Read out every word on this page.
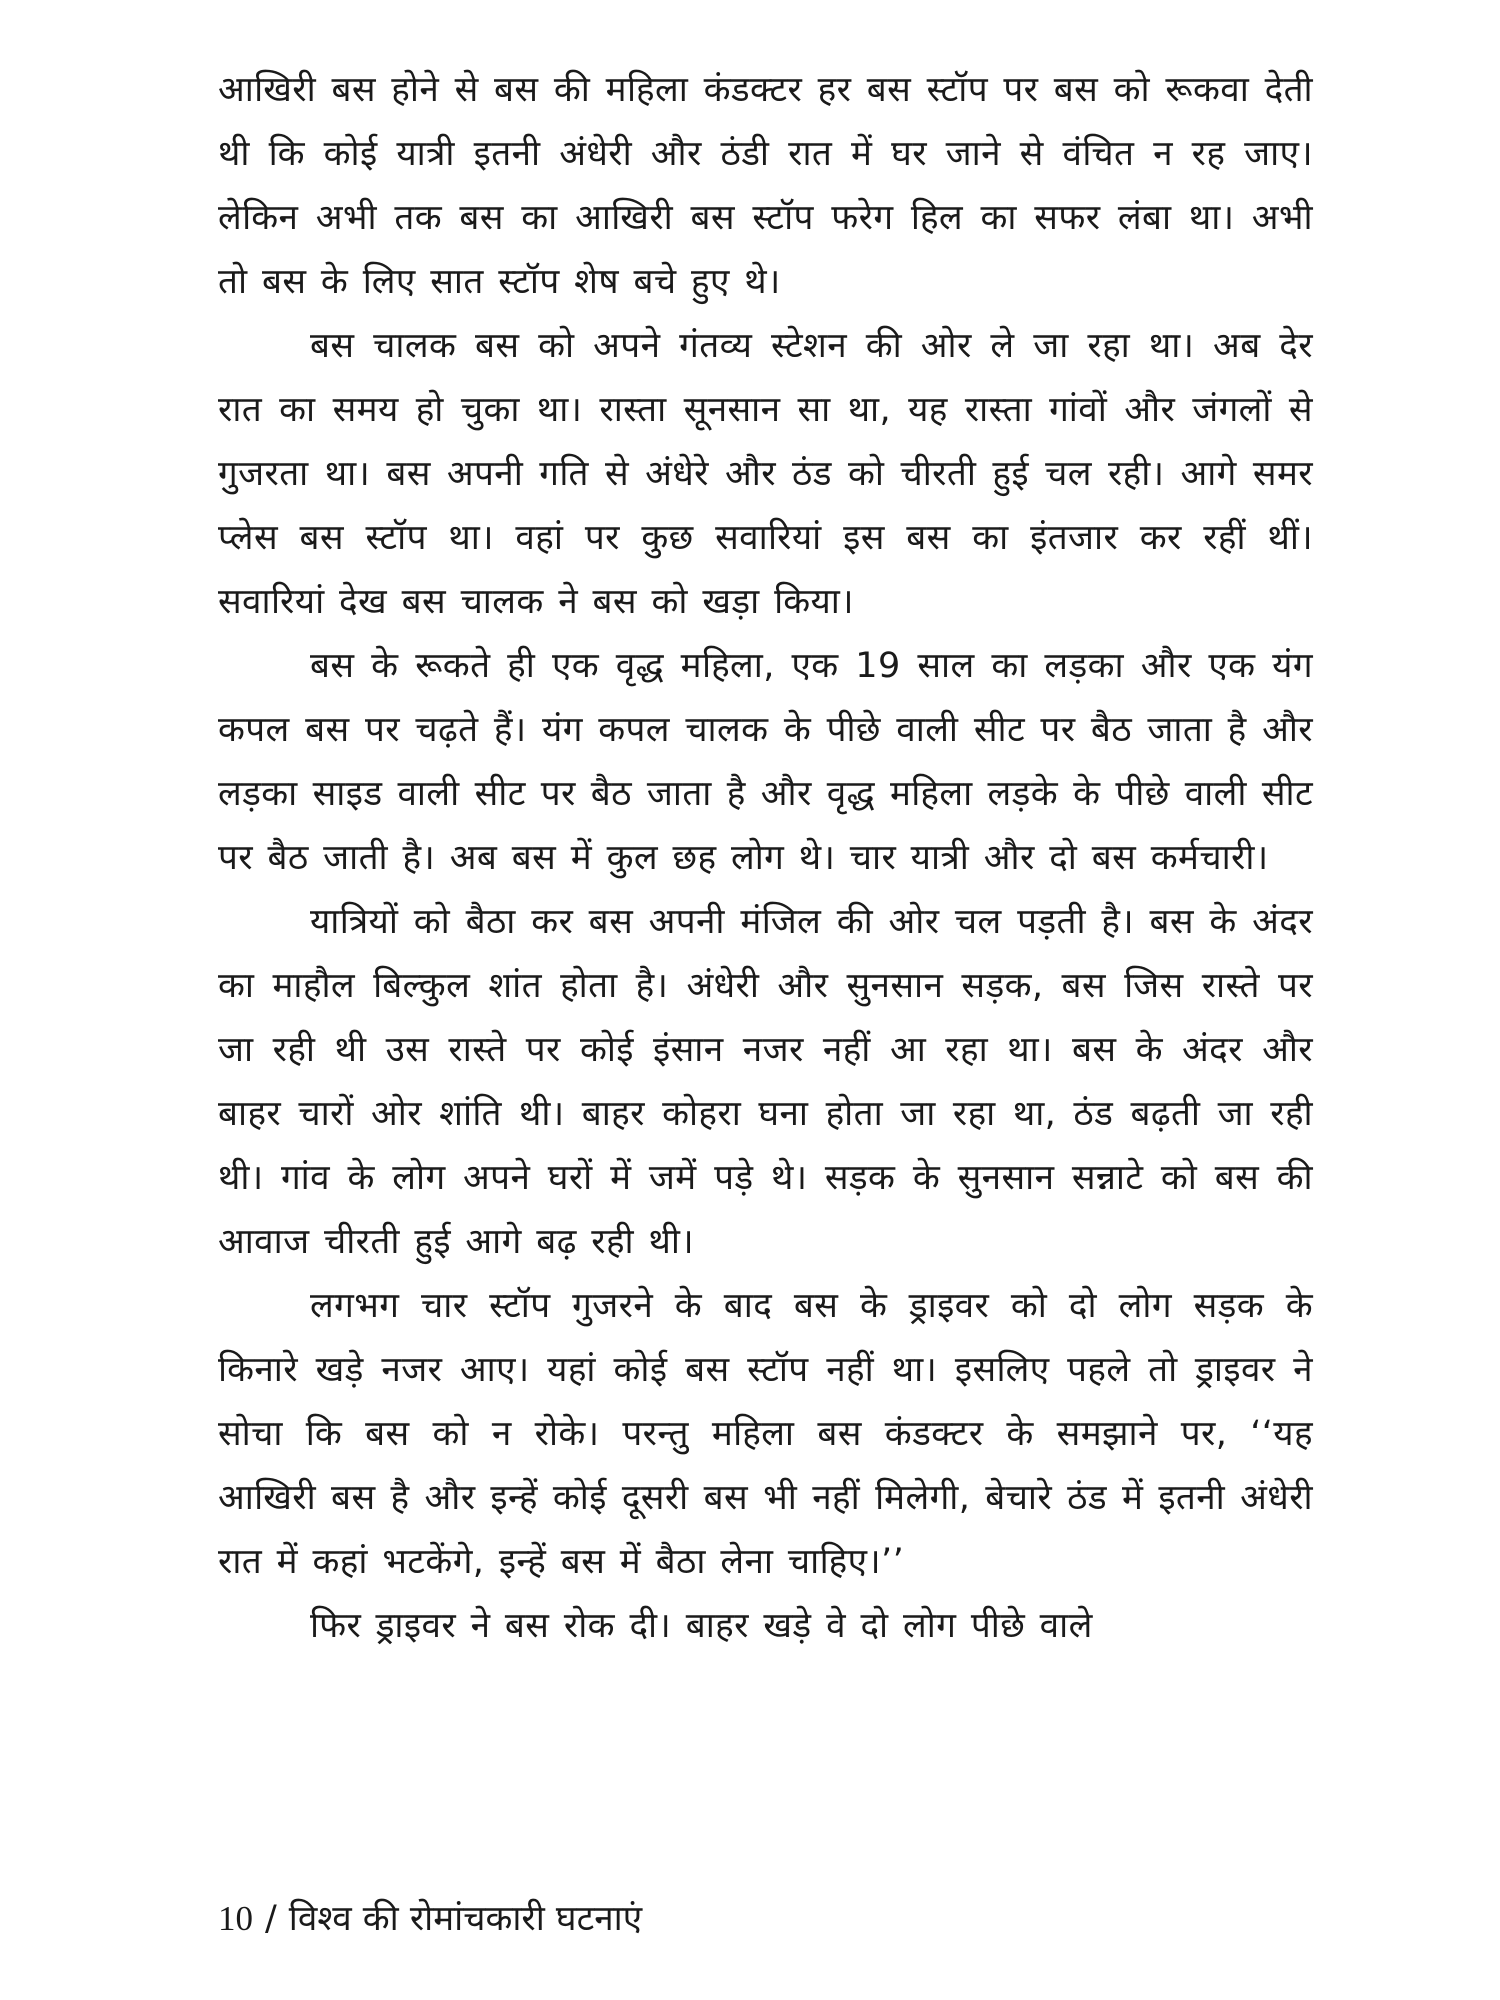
आखिरी बस होने से बस की महिला कंडक्टर हर बस स्टॉप पर बस को रूकवा देती थी कि कोई यात्री इतनी अंधेरी और ठंडी रात में घर जाने से वंचित न रह जाए। लेकिन अभी तक बस का आखिरी बस स्टॉप फरेग हिल का सफर लंबा था। अभी तो बस के लिए सात स्टॉप शेष बचे हुए थे।

बस चालक बस को अपने गंतव्य स्टेशन की ओर ले जा रहा था। अब देर रात का समय हो चुका था। रास्ता सूनसान सा था, यह रास्ता गांवों और जंगलों से गुजरता था। बस अपनी गति से अंधेरे और ठंड को चीरती हुई चल रही। आगे समर प्लेस बस स्टॉप था। वहां पर कुछ सवारियां इस बस का इंतजार कर रहीं थीं। सवारियां देख बस चालक ने बस को खड़ा किया।

बस के रूकते ही एक वृद्ध महिला, एक 19 साल का लड़का और एक यंग कपल बस पर चढ़ते हैं। यंग कपल चालक के पीछे वाली सीट पर बैठ जाता है और लड़का साइड वाली सीट पर बैठ जाता है और वृद्ध महिला लड़के के पीछे वाली सीट पर बैठ जाती है। अब बस में कुल छह लोग थे। चार यात्री और दो बस कर्मचारी।

यात्रियों को बैठा कर बस अपनी मंजिल की ओर चल पड़ती है। बस के अंदर का माहौल बिल्कुल शांत होता है। अंधेरी और सुनसान सड़क, बस जिस रास्ते पर जा रही थी उस रास्ते पर कोई इंसान नजर नहीं आ रहा था। बस के अंदर और बाहर चारों ओर शांति थी। बाहर कोहरा घना होता जा रहा था, ठंड बढ़ती जा रही थी। गांव के लोग अपने घरों में जमें पड़े थे। सड़क के सुनसान सन्नाटे को बस की आवाज चीरती हुई आगे बढ़ रही थी।

लगभग चार स्टॉप गुजरने के बाद बस के ड्राइवर को दो लोग सड़क के किनारे खड़े नजर आए। यहां कोई बस स्टॉप नहीं था। इसलिए पहले तो ड्राइवर ने सोचा कि बस को न रोके। परन्तु महिला बस कंडक्टर के समझाने पर, ‘‘यह आखिरी बस है और इन्हें कोई दूसरी बस भी नहीं मिलेगी, बेचारे ठंड में इतनी अंधेरी रात में कहां भटकेंगे, इन्हें बस में बैठा लेना चाहिए।’’

फिर ड्राइवर ने बस रोक दी। बाहर खड़े वे दो लोग पीछे वाले

10 / विश्व की रोमांचकारी घटनाएं
